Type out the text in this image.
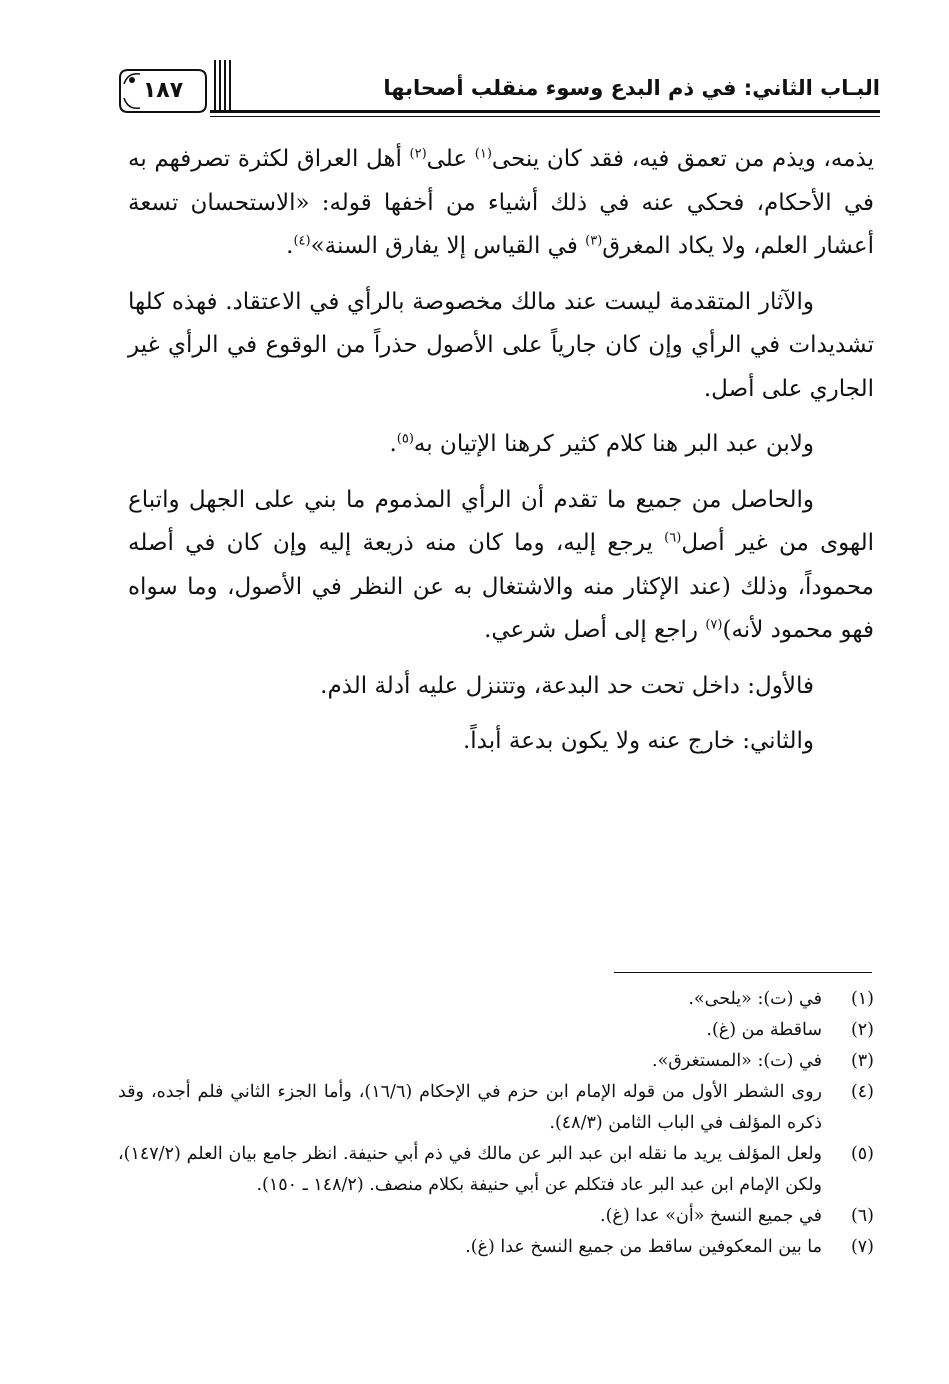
١٨٧	البـاب الثاني: في ذم البدع وسوء منقلب أصحابها

يذمه، ويذم من تعمق فيه، فقد كان ينحى$^{(١)}$ على$^{(٢)}$ أهل العراق لكثرة تصرفهم به في الأحكام، فحكي عنه في ذلك أشياء من أخفها قوله: «الاستحسان تسعة أعشار العلم، ولا يكاد المغرق$^{(٣)}$ في القياس إلا يفارق السنة»$^{(٤)}$.

والآثار المتقدمة ليست عند مالك مخصوصة بالرأي في الاعتقاد. فهذه كلها تشديدات في الرأي وإن كان جارياً على الأصول حذراً من الوقوع في الرأي غير الجاري على أصل.

ولابن عبد البر هنا كلام كثير كرهنا الإتيان به$^{(٥)}$.

والحاصل من جميع ما تقدم أن الرأي المذموم ما بني على الجهل واتباع الهوى من غير أصل$^{(٦)}$ يرجع إليه، وما كان منه ذريعة إليه وإن كان في أصله محموداً، وذلك (عند الإكثار منه والاشتغال به عن النظر في الأصول، وما سواه فهو محمود لأنه)$^{(٧)}$ راجع إلى أصل شرعي.

فالأول: داخل تحت حد البدعة، وتتنزل عليه أدلة الذم.

والثاني: خارج عنه ولا يكون بدعة أبداً.

(١)
في (ت): «يلحى».
(٢)
ساقطة من (غ).
(٣)
في (ت): «المستغرق».
(٤)
روى الشطر الأول من قوله الإمام ابن حزم في الإحكام (١٦/٦)، وأما الجزء الثاني فلم أجده، وقد ذكره المؤلف في الباب الثامن (٤٨/٣).
(٥)
ولعل المؤلف يريد ما نقله ابن عبد البر عن مالك في ذم أبي حنيفة. انظر جامع بيان العلم (١٤٧/٢)، ولكن الإمام ابن عبد البر عاد فتكلم عن أبي حنيفة بكلام منصف. (١٤٨/٢ ـ ١٥٠).
(٦)
في جميع النسخ «أن» عدا (غ).
(٧)
ما بين المعكوفين ساقط من جميع النسخ عدا (غ).
